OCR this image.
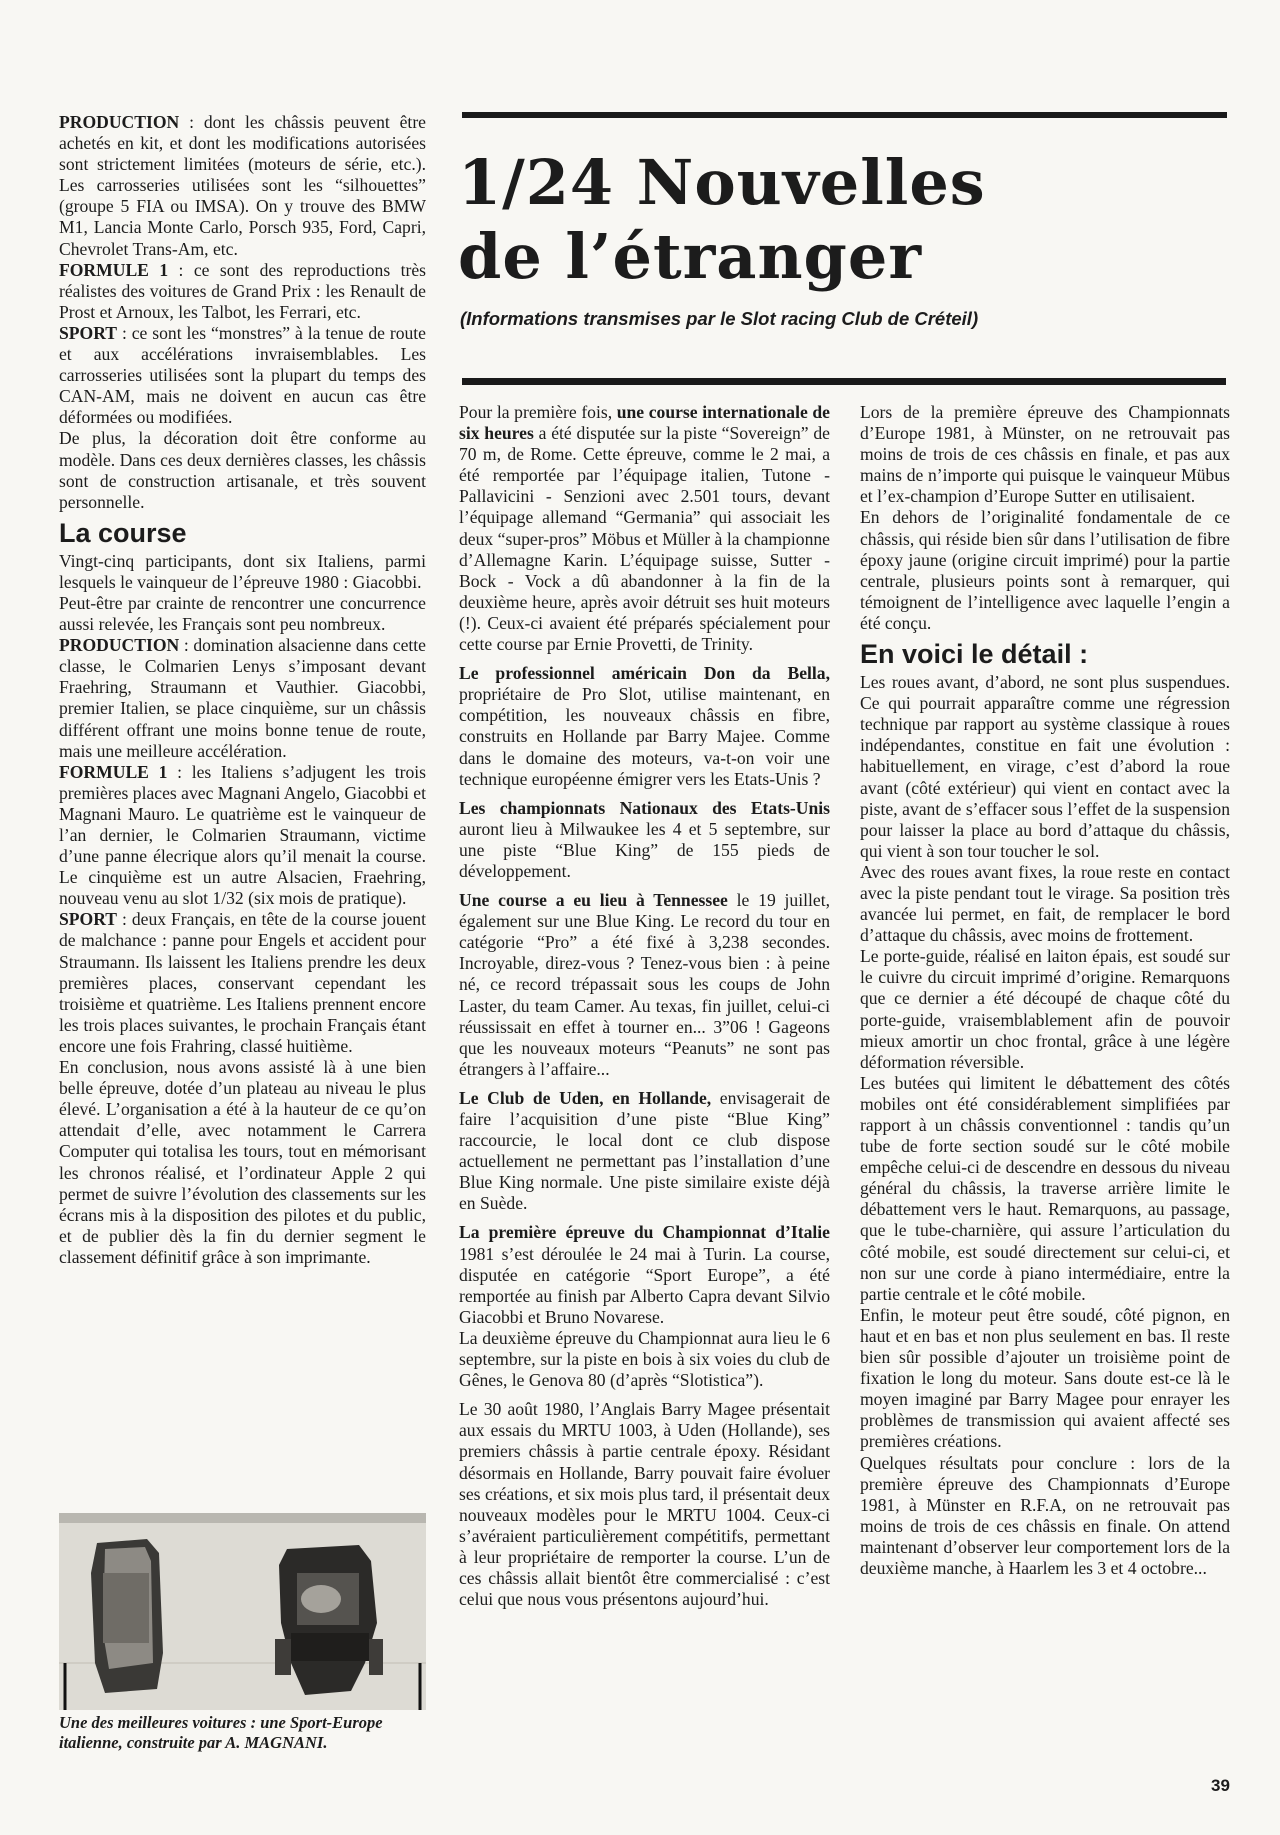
PRODUCTION : dont les châssis peuvent être achetés en kit, et dont les modifications autorisées sont strictement limitées (moteurs de série, etc.). Les carrosseries utilisées sont les “silhouettes” (groupe 5 FIA ou IMSA). On y trouve des BMW M1, Lancia Monte Carlo, Porsch 935, Ford, Capri, Chevrolet Trans-Am, etc.

FORMULE 1 : ce sont des reproductions très réalistes des voitures de Grand Prix : les Renault de Prost et Arnoux, les Talbot, les Ferrari, etc.

SPORT : ce sont les “monstres” à la tenue de route et aux accélérations invraisemblables. Les carrosseries utilisées sont la plupart du temps des CAN-AM, mais ne doivent en aucun cas être déformées ou modifiées.

De plus, la décoration doit être conforme au modèle. Dans ces deux dernières classes, les châssis sont de construction artisanale, et très souvent personnelle.

La course

Vingt-cinq participants, dont six Italiens, parmi lesquels le vainqueur de l’épreuve 1980 : Giacobbi.

Peut-être par crainte de rencontrer une concurrence aussi relevée, les Français sont peu nombreux.

PRODUCTION : domination alsacienne dans cette classe, le Colmarien Lenys s’imposant devant Fraehring, Straumann et Vauthier. Giacobbi, premier Italien, se place cinquième, sur un châssis différent offrant une moins bonne tenue de route, mais une meilleure accélération.

FORMULE 1 : les Italiens s’adjugent les trois premières places avec Magnani Angelo, Giacobbi et Magnani Mauro. Le quatrième est le vainqueur de l’an dernier, le Colmarien Straumann, victime d’une panne élecrique alors qu’il menait la course. Le cinquième est un autre Alsacien, Fraehring, nouveau venu au slot 1/32 (six mois de pratique).

SPORT : deux Français, en tête de la course jouent de malchance : panne pour Engels et accident pour Straumann. Ils laissent les Italiens prendre les deux premières places, conservant cependant les troisième et quatrième. Les Italiens prennent encore les trois places suivantes, le prochain Français étant encore une fois Frahring, classé huitième.

En conclusion, nous avons assisté là à une bien belle épreuve, dotée d’un plateau au niveau le plus élevé. L’organisation a été à la hauteur de ce qu’on attendait d’elle, avec notamment le Carrera Computer qui totalisa les tours, tout en mémorisant les chronos réalisé, et l’ordinateur Apple 2 qui permet de suivre l’évolution des classements sur les écrans mis à la disposition des pilotes et du public, et de publier dès la fin du dernier segment le classement définitif grâce à son imprimante.

Une des meilleures voitures : une Sport-Europe italienne, construite par A. MAGNANI.
1/24 Nouvelles
de l’étranger

(Informations transmises par le Slot racing Club de Créteil)

Pour la première fois, une course internationale de six heures a été disputée sur la piste “Sovereign” de 70 m, de Rome. Cette épreuve, comme le 2 mai, a été remportée par l’équipage italien, Tutone - Pallavicini - Senzioni avec 2.501 tours, devant l’équipage allemand “Germania” qui associait les deux “super-pros” Möbus et Müller à la championne d’Allemagne Karin. L’équipage suisse, Sutter - Bock - Vock a dû abandonner à la fin de la deuxième heure, après avoir détruit ses huit moteurs (!). Ceux-ci avaient été préparés spécialement pour cette course par Ernie Provetti, de Trinity.

Le professionnel américain Don da Bella, propriétaire de Pro Slot, utilise maintenant, en compétition, les nouveaux châssis en fibre, construits en Hollande par Barry Majee. Comme dans le domaine des moteurs, va-t-on voir une technique européenne émigrer vers les Etats-Unis ?

Les championnats Nationaux des Etats-Unis auront lieu à Milwaukee les 4 et 5 septembre, sur une piste “Blue King” de 155 pieds de développement.

Une course a eu lieu à Tennessee le 19 juillet, également sur une Blue King. Le record du tour en catégorie “Pro” a été fixé à 3,238 secondes. Incroyable, direz-vous ? Tenez-vous bien : à peine né, ce record trépassait sous les coups de John Laster, du team Camer. Au texas, fin juillet, celui-ci réussissait en effet à tourner en... 3”06 ! Gageons que les nouveaux moteurs “Peanuts” ne sont pas étrangers à l’affaire...

Le Club de Uden, en Hollande, envisagerait de faire l’acquisition d’une piste “Blue King” raccourcie, le local dont ce club dispose actuellement ne permettant pas l’installation d’une Blue King normale. Une piste similaire existe déjà en Suède.

La première épreuve du Championnat d’Italie 1981 s’est déroulée le 24 mai à Turin. La course, disputée en catégorie “Sport Europe”, a été remportée au finish par Alberto Capra devant Silvio Giacobbi et Bruno Novarese.

La deuxième épreuve du Championnat aura lieu le 6 septembre, sur la piste en bois à six voies du club de Gênes, le Genova 80 (d’après “Slotistica”).

Le 30 août 1980, l’Anglais Barry Magee présentait aux essais du MRTU 1003, à Uden (Hollande), ses premiers châssis à partie centrale époxy. Résidant désormais en Hollande, Barry pouvait faire évoluer ses créations, et six mois plus tard, il présentait deux nouveaux modèles pour le MRTU 1004. Ceux-ci s’avéraient particulièrement compétitifs, permettant à leur propriétaire de remporter la course. L’un de ces châssis allait bientôt être commercialisé : c’est celui que nous vous présentons aujourd’hui.

Lors de la première épreuve des Championnats d’Europe 1981, à Münster, on ne retrouvait pas moins de trois de ces châssis en finale, et pas aux mains de n’importe qui puisque le vainqueur Mübus et l’ex-champion d’Europe Sutter en utilisaient.

En dehors de l’originalité fondamentale de ce châssis, qui réside bien sûr dans l’utilisation de fibre époxy jaune (origine circuit imprimé) pour la partie centrale, plusieurs points sont à remarquer, qui témoignent de l’intelligence avec laquelle l’engin a été conçu.

En voici le détail :

Les roues avant, d’abord, ne sont plus suspendues. Ce qui pourrait apparaître comme une régression technique par rapport au système classique à roues indépendantes, constitue en fait une évolution : habituellement, en virage, c’est d’abord la roue avant (côté extérieur) qui vient en contact avec la piste, avant de s’effacer sous l’effet de la suspension pour laisser la place au bord d’attaque du châssis, qui vient à son tour toucher le sol.

Avec des roues avant fixes, la roue reste en contact avec la piste pendant tout le virage. Sa position très avancée lui permet, en fait, de remplacer le bord d’attaque du châssis, avec moins de frottement.

Le porte-guide, réalisé en laiton épais, est soudé sur le cuivre du circuit imprimé d’origine. Remarquons que ce dernier a été découpé de chaque côté du porte-guide, vraisemblablement afin de pouvoir mieux amortir un choc frontal, grâce à une légère déformation réversible.

Les butées qui limitent le débattement des côtés mobiles ont été considérablement simplifiées par rapport à un châssis conventionnel : tandis qu’un tube de forte section soudé sur le côté mobile empêche celui-ci de descendre en dessous du niveau général du châssis, la traverse arrière limite le débattement vers le haut. Remarquons, au passage, que le tube-charnière, qui assure l’articulation du côté mobile, est soudé directement sur celui-ci, et non sur une corde à piano intermédiaire, entre la partie centrale et le côté mobile.

Enfin, le moteur peut être soudé, côté pignon, en haut et en bas et non plus seulement en bas. Il reste bien sûr possible d’ajouter un troisième point de fixation le long du moteur. Sans doute est-ce là le moyen imaginé par Barry Magee pour enrayer les problèmes de transmission qui avaient affecté ses premières créations.

Quelques résultats pour conclure : lors de la première épreuve des Championnats d’Europe 1981, à Münster en R.F.A, on ne retrouvait pas moins de trois de ces châssis en finale. On attend maintenant d’observer leur comportement lors de la deuxième manche, à Haarlem les 3 et 4 octobre...

39
